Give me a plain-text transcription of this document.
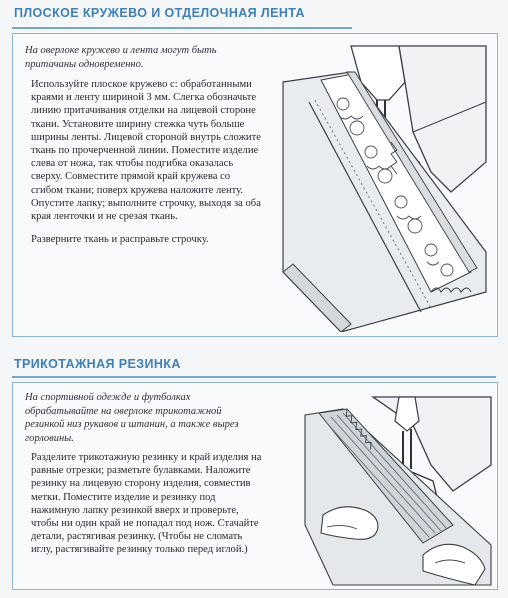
ПЛОСКОЕ КРУЖЕВО И ОТДЕЛОЧНАЯ ЛЕНТА
На оверлоке кружево и лента могут быть притачаны одновременно.

Используйте плоское кружево с: обработанными краями и ленту шириной 3 мм. Слегка обозначьте линию притачивания отделки на лицевой стороне ткани. Установите ширину стежка чуть больше ширины ленты. Лицевой стороной внутрь сложите ткань по прочерченной линии. Поместите изделие слева от ножа, так чтобы подгибка оказалась сверху. Совместите прямой край кружева со сгибом ткани; поверх кружева наложите ленту. Опустите лапку; выполните строчку, выходя за оба края ленточки и не срезая ткань.

Разверните ткань и расправьте строчку.

ТРИКОТАЖНАЯ РЕЗИНКА
На спортивной одежде и футболках обрабатывайте на оверлоке трикотажной резинкой низ рукавов и штанин, а также вырез горловины.

Разделите трикотажную резинку и край изделия на равные отрезки; разметьте булавками. Наложите резинку на лицевую сторону изделия, совместив метки. Поместите изделие и резинку под нажимную лапку резинкой вверх и проверьте, чтобы ни один край не попадал под нож. Стачайте детали, растягивая резинку. (Чтобы не сломать иглу, растягивайте резинку только перед иглой.)
